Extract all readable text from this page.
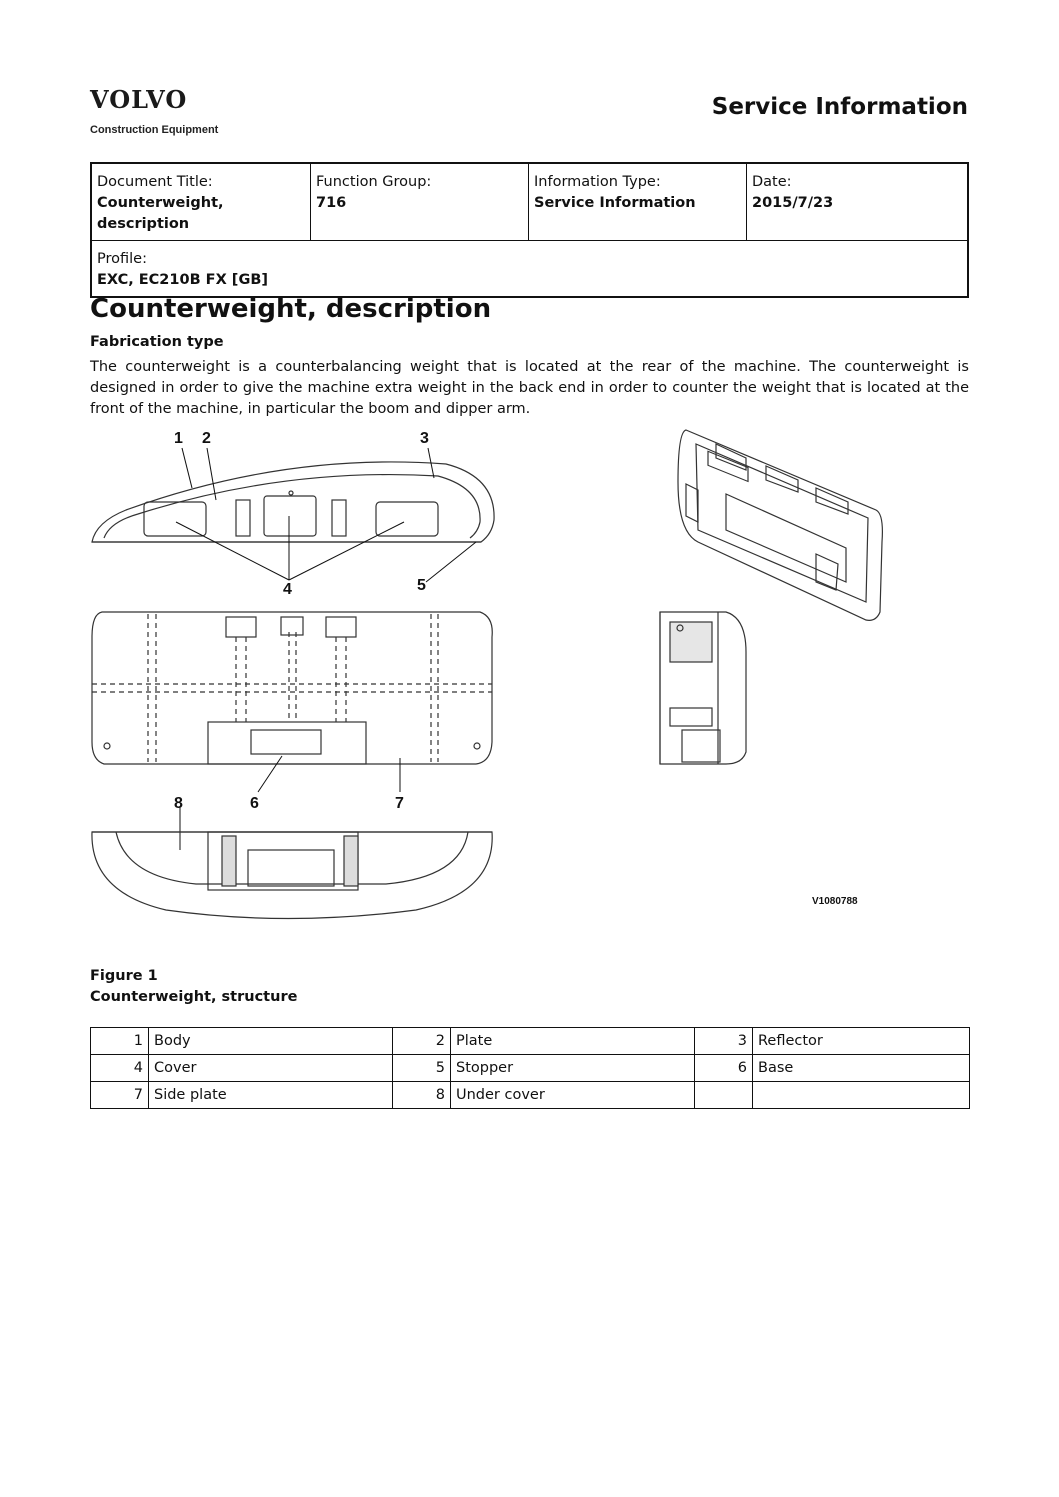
VOLVO
Construction Equipment
Service Information
Document Title:
Counterweight, description
Function Group:
716
Information Type:
Service Information
Date:
2015/7/23
Profile:
EXC, EC210B FX [GB]
Counterweight, description
Fabrication type
The counterweight is a counterbalancing weight that is located at the rear of the machine. The counterweight is designed in order to give the machine extra weight in the back end in order to counter the weight that is located at the front of the machine, in particular the boom and dipper arm.
1 2	3
4	5
8	6	7
V1080788
Figure 1
Counterweight, structure
1	Body	2	Plate	3	Reflector
4	Cover	5	Stopper	6	Base
7	Side plate	8	Under cover		
